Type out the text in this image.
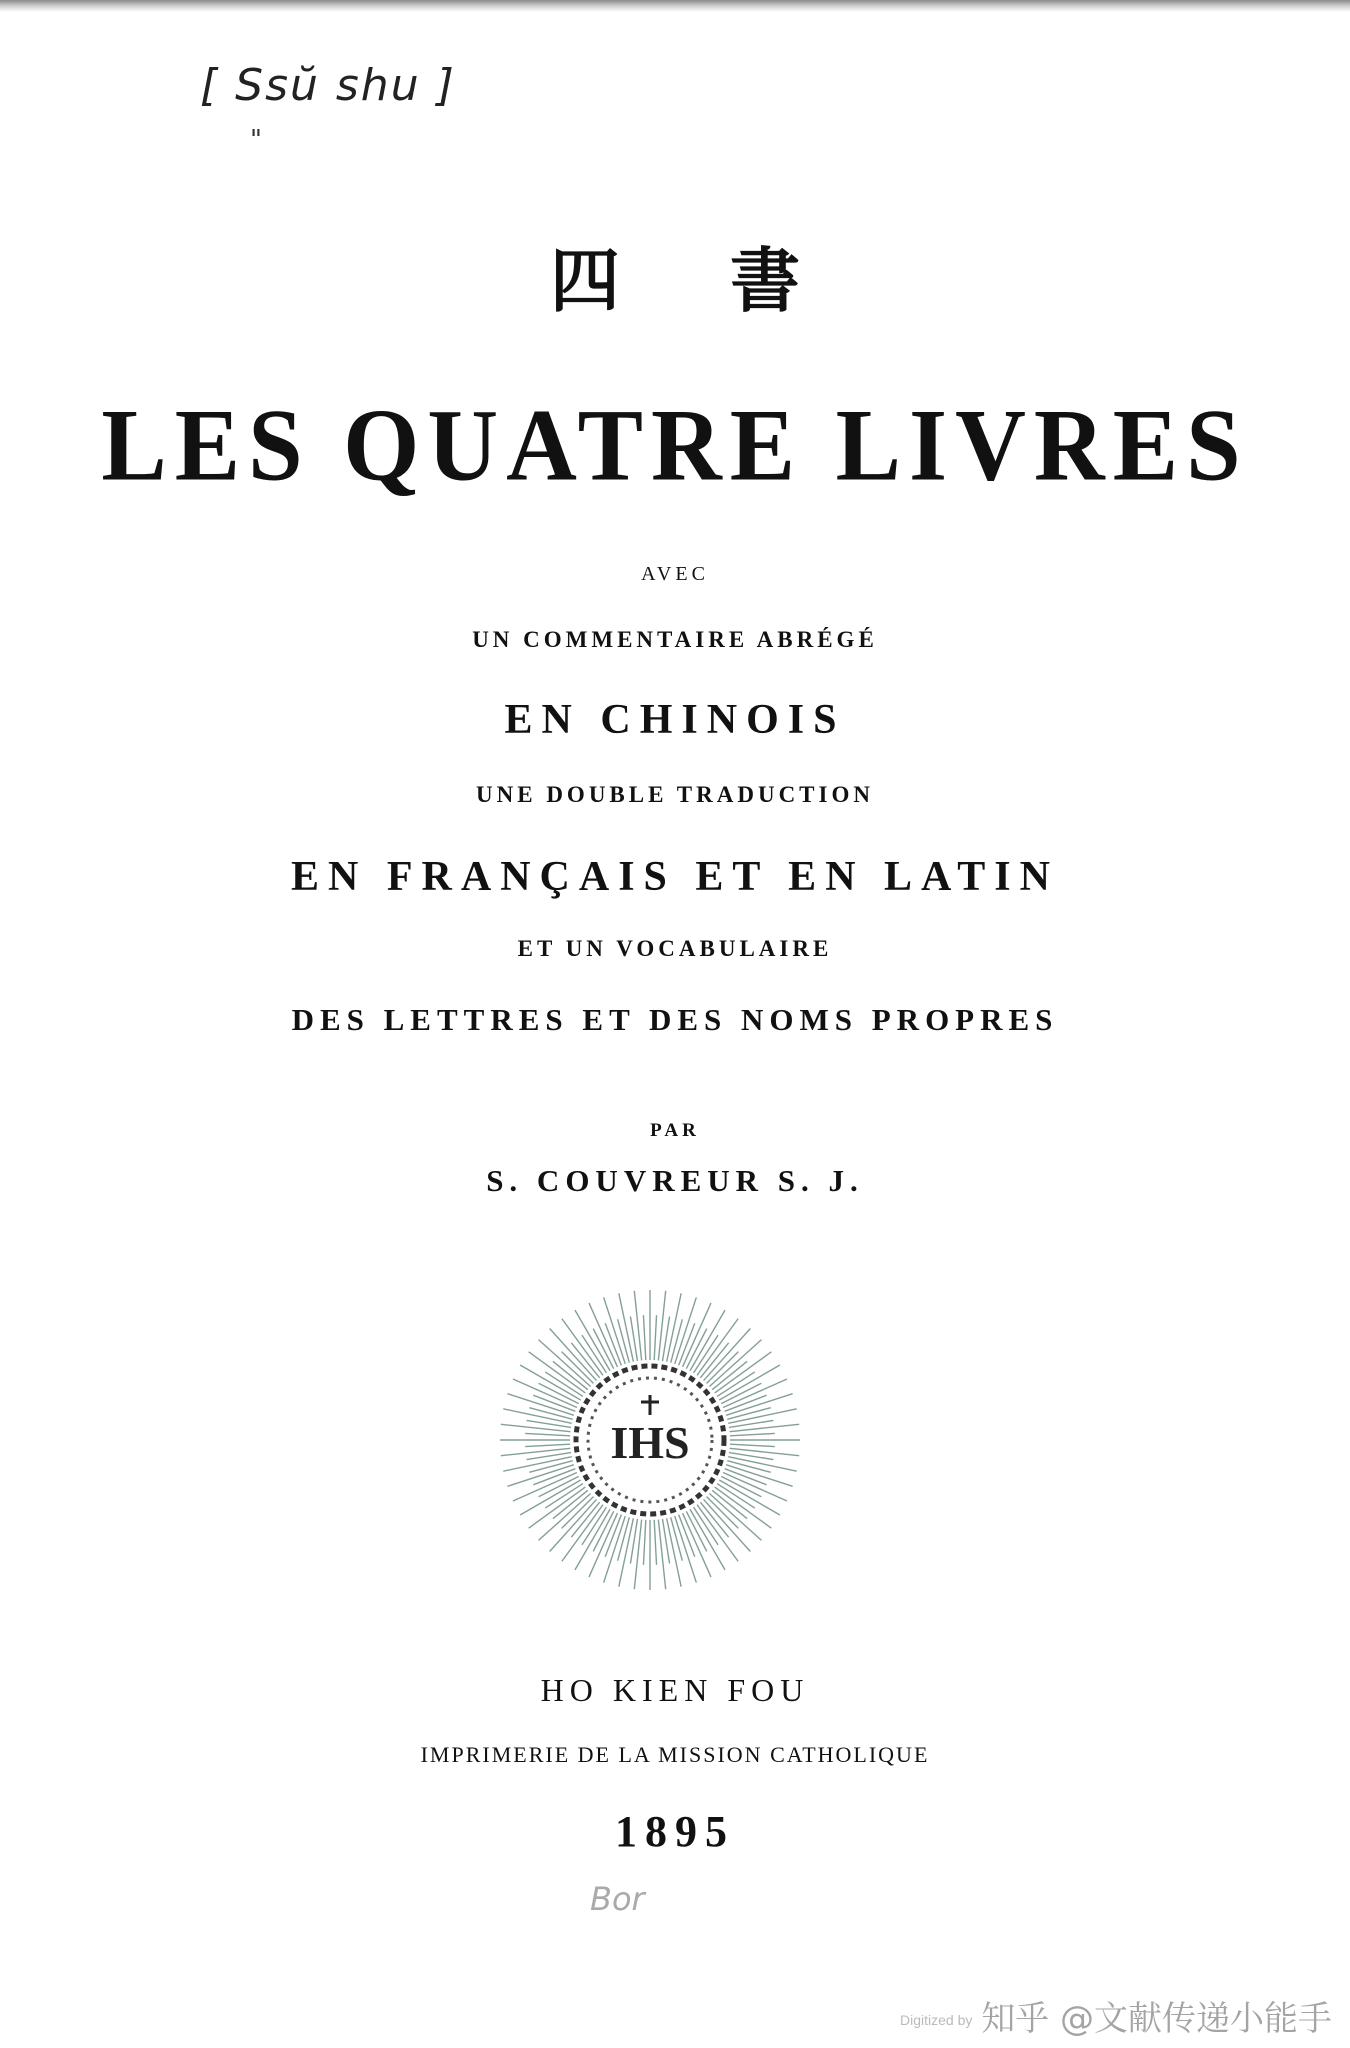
[ Ssŭ shu ]
"
四書
LES QUATRE LIVRES
AVEC
UN COMMENTAIRE ABRÉGÉ
EN CHINOIS
UNE DOUBLE TRADUCTION
EN FRANÇAIS ET EN LATIN
ET UN VOCABULAIRE
DES LETTRES ET DES NOMS PROPRES
PAR
S. COUVREUR S. J.
IHS
HO KIEN FOU
IMPRIMERIE DE LA MISSION CATHOLIQUE
1895
Bor
Digitized by 知乎 @文献传递小能手
